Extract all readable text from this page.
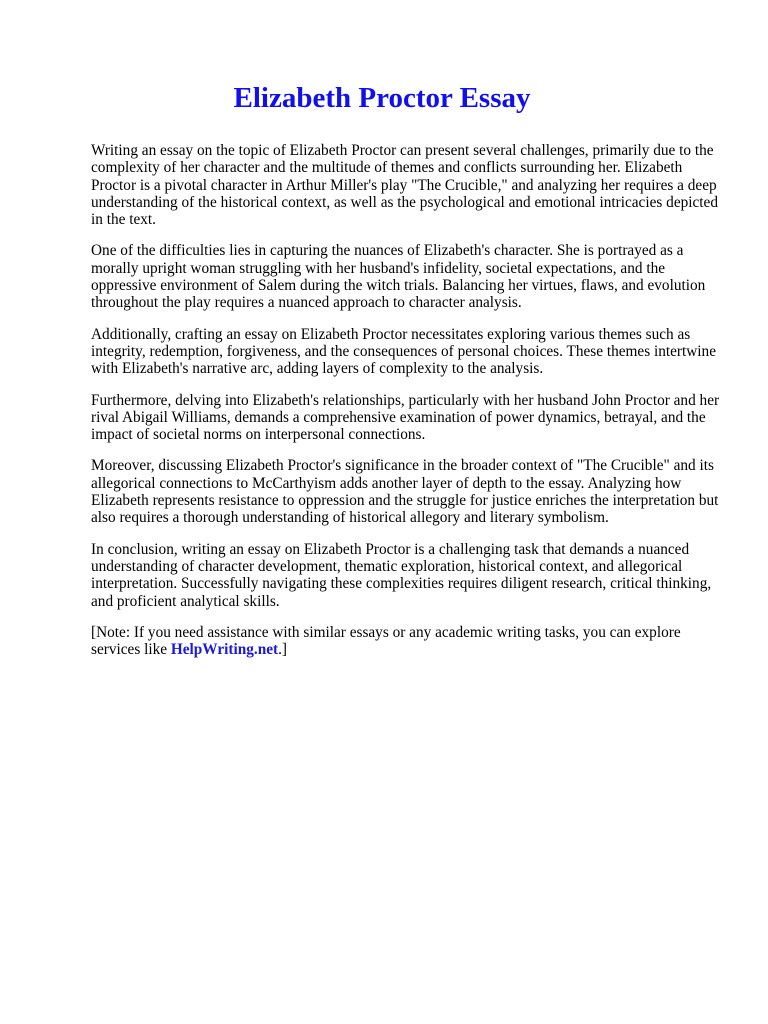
Elizabeth Proctor Essay

Writing an essay on the topic of Elizabeth Proctor can present several challenges, primarily due to the complexity of her character and the multitude of themes and conflicts surrounding her. Elizabeth Proctor is a pivotal character in Arthur Miller's play "The Crucible," and analyzing her requires a deep understanding of the historical context, as well as the psychological and emotional intricacies depicted in the text.

One of the difficulties lies in capturing the nuances of Elizabeth's character. She is portrayed as a morally upright woman struggling with her husband's infidelity, societal expectations, and the oppressive environment of Salem during the witch trials. Balancing her virtues, flaws, and evolution throughout the play requires a nuanced approach to character analysis.

Additionally, crafting an essay on Elizabeth Proctor necessitates exploring various themes such as integrity, redemption, forgiveness, and the consequences of personal choices. These themes intertwine with Elizabeth's narrative arc, adding layers of complexity to the analysis.

Furthermore, delving into Elizabeth's relationships, particularly with her husband John Proctor and her rival Abigail Williams, demands a comprehensive examination of power dynamics, betrayal, and the impact of societal norms on interpersonal connections.

Moreover, discussing Elizabeth Proctor's significance in the broader context of "The Crucible" and its allegorical connections to McCarthyism adds another layer of depth to the essay. Analyzing how Elizabeth represents resistance to oppression and the struggle for justice enriches the interpretation but also requires a thorough understanding of historical allegory and literary symbolism.

In conclusion, writing an essay on Elizabeth Proctor is a challenging task that demands a nuanced understanding of character development, thematic exploration, historical context, and allegorical interpretation. Successfully navigating these complexities requires diligent research, critical thinking, and proficient analytical skills.

[Note: If you need assistance with similar essays or any academic writing tasks, you can explore services like HelpWriting.net.]
